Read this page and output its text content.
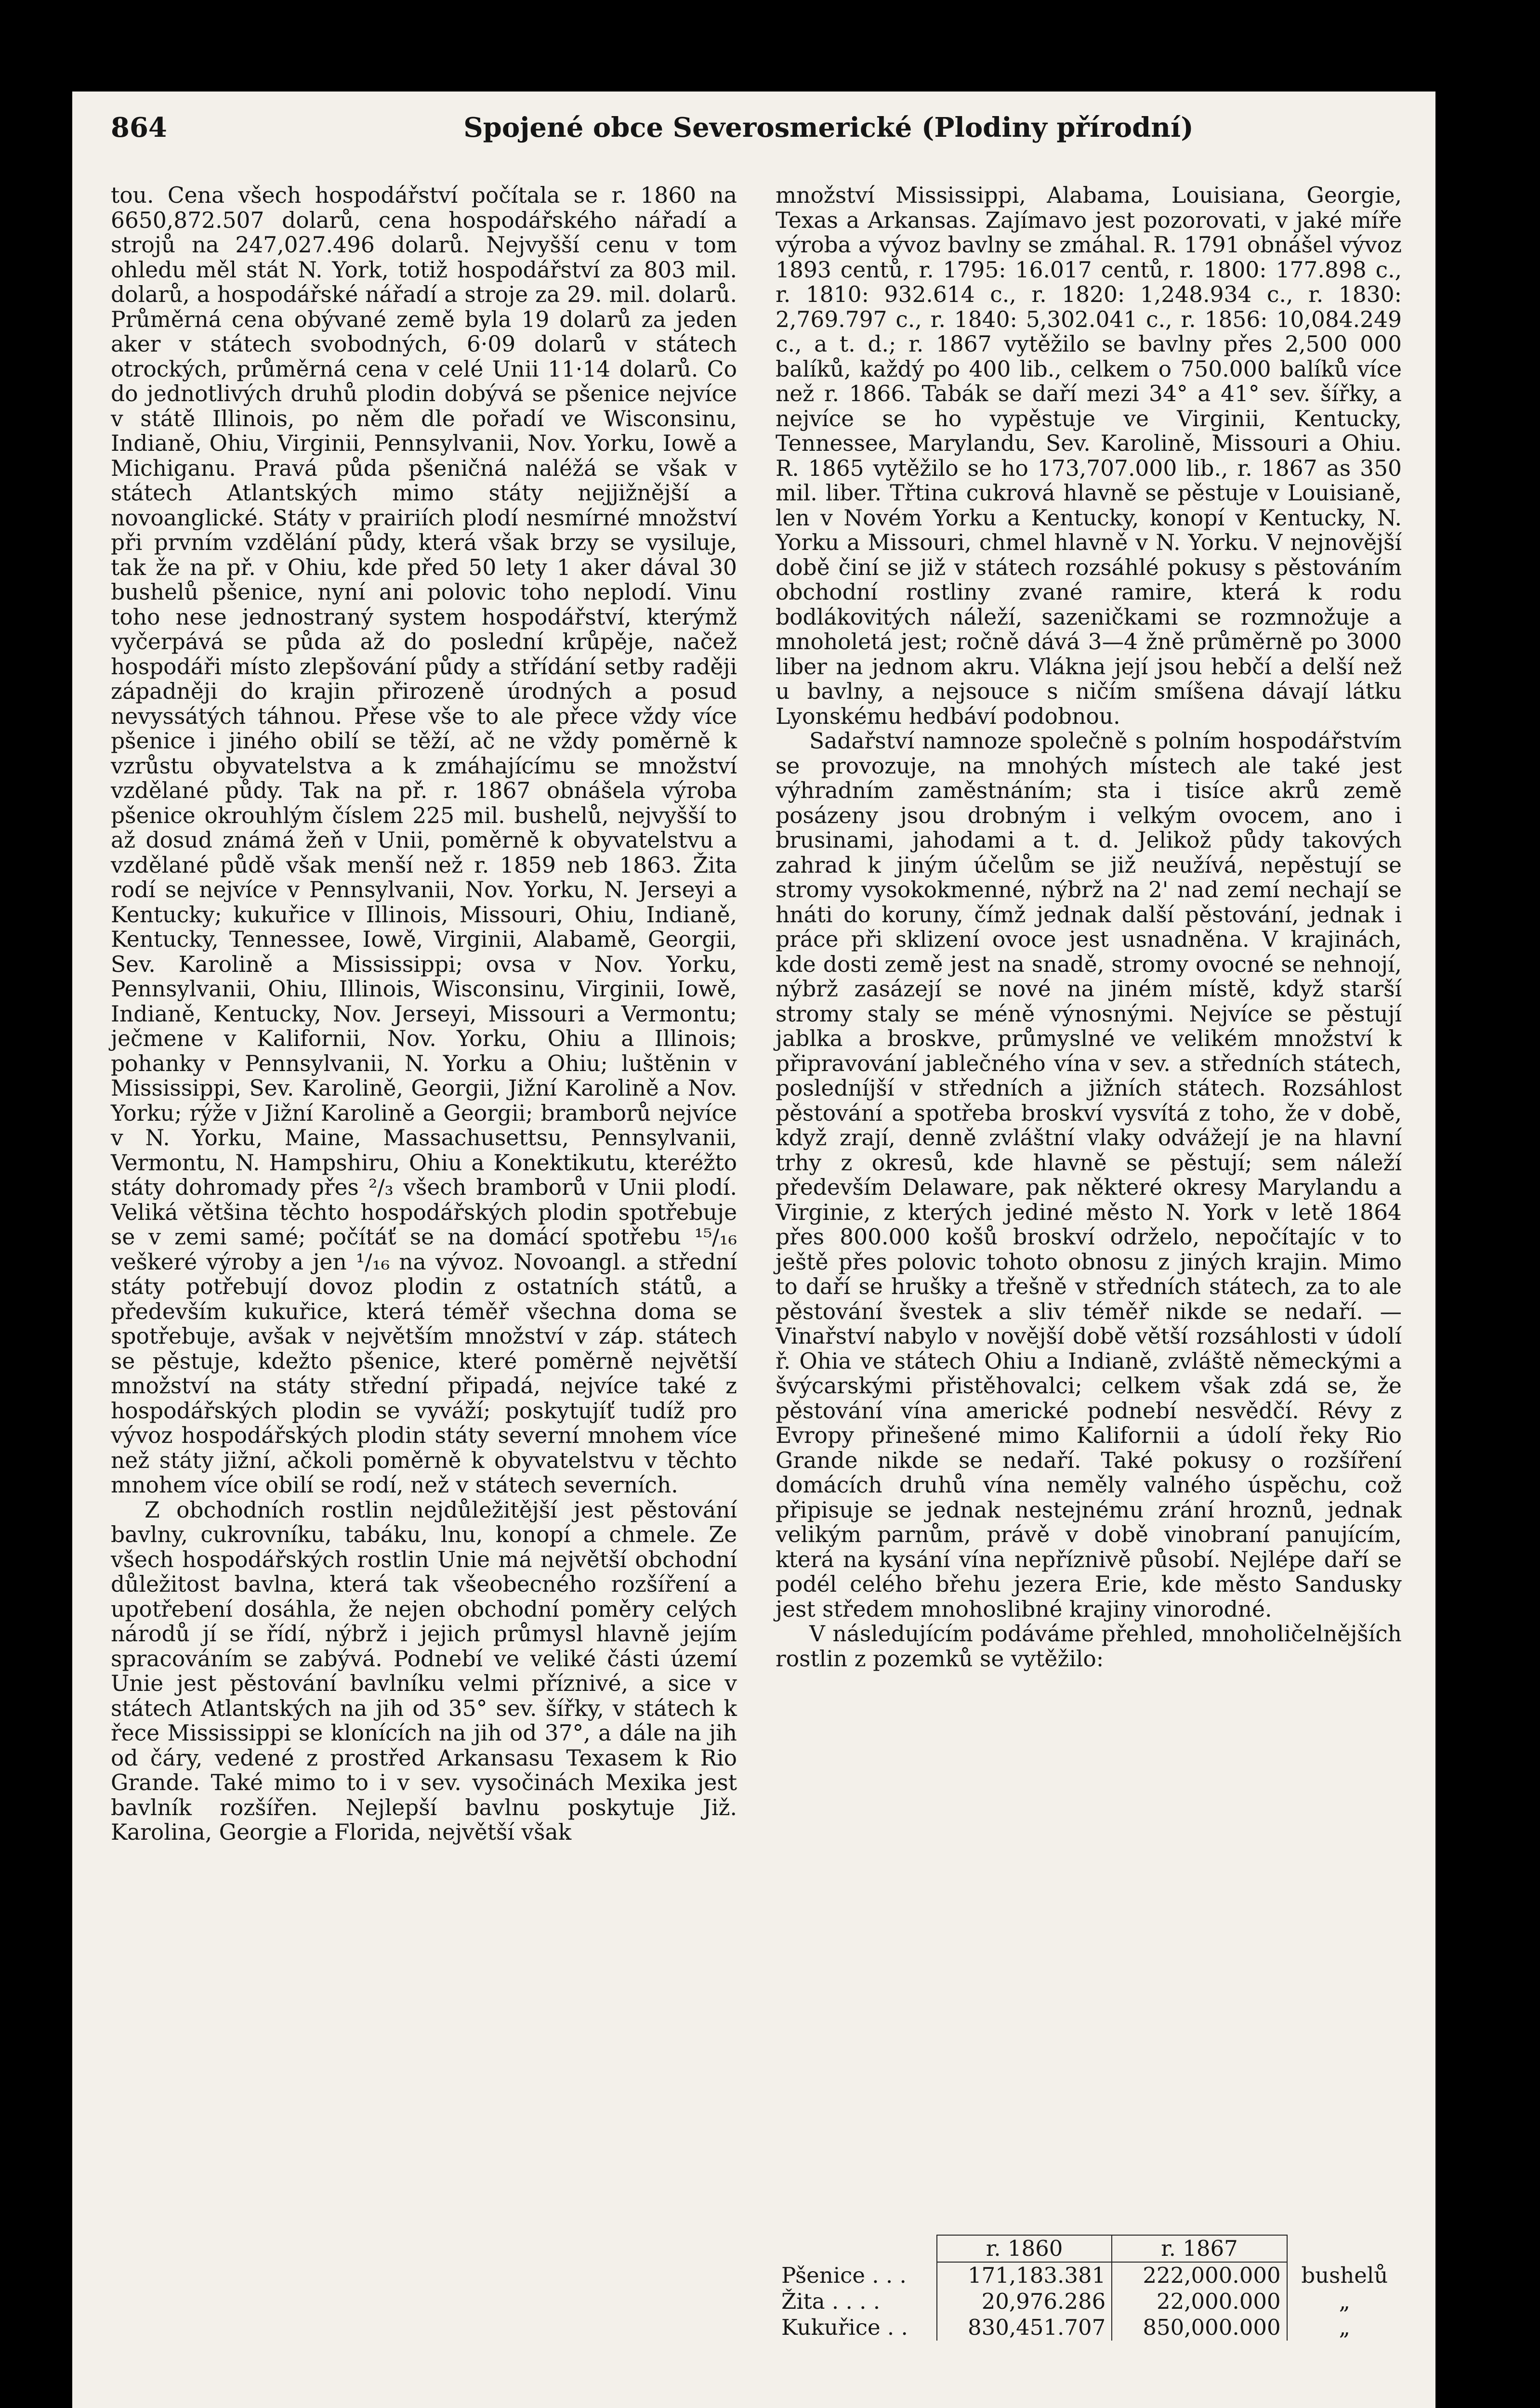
864	Spojené obce Severosmerické (Plodiny přírodní)

tou. Cena všech hospodářství počítala se r. 1860 na 6650,872.507 dolarů, cena hospodářského nářadí a strojů na 247,027.496 dolarů. Nejvyšší cenu v tom ohledu měl stát N. York, totiž hospodářství za 803 mil. dolarů, a hospodářské nářadí a stroje za 29. mil. dolarů. Průměrná cena obývané země byla 19 dolarů za jeden aker v státech svobodných, 6·09 dolarů v státech otrockých, průměrná cena v celé Unii 11·14 dolarů. Co do jednotlivých druhů plodin dobývá se pšenice nejvíce v státě Illinois, po něm dle pořadí ve Wisconsinu, Indianě, Ohiu, Virginii, Pennsylvanii, Nov. Yorku, Iowě a Michiganu. Pravá půda pšeničná naléžá se však v státech Atlantských mimo státy nejjižnější a novoanglické. Státy v prairiích plodí nesmírné množství při prvním vzdělání půdy, která však brzy se vysiluje, tak že na př. v Ohiu, kde před 50 lety 1 aker dával 30 bushelů pšenice, nyní ani polovic toho neplodí. Vinu toho nese jednostraný system hospodářství, kterýmž vyčerpává se půda až do poslední krůpěje, načež hospodáři místo zlepšování půdy a střídání setby raději západněji do krajin přirozeně úrodných a posud nevyssátých táhnou. Přese vše to ale přece vždy více pšenice i jiného obilí se těží, ač ne vždy poměrně k vzrůstu obyvatelstva a k zmáhajícímu se množství vzdělané půdy. Tak na př. r. 1867 obnášela výroba pšenice okrouhlým číslem 225 mil. bushelů, nejvyšší to až dosud známá žeň v Unii, poměrně k obyvatelstvu a vzdělané půdě však menší než r. 1859 neb 1863. Žita rodí se nejvíce v Pennsylvanii, Nov. Yorku, N. Jerseyi a Kentucky; kukuřice v Illinois, Missouri, Ohiu, Indianě, Kentucky, Tennessee, Iowě, Virginii, Alabamě, Georgii, Sev. Karolině a Mississippi; ovsa v Nov. Yorku, Pennsylvanii, Ohiu, Illinois, Wisconsinu, Virginii, Iowě, Indianě, Kentucky, Nov. Jerseyi, Missouri a Vermontu; ječmene v Kalifornii, Nov. Yorku, Ohiu a Illinois; pohanky v Pennsylvanii, N. Yorku a Ohiu; luštěnin v Mississippi, Sev. Karolině, Georgii, Jižní Karolině a Nov. Yorku; rýže v Jižní Karolině a Georgii; bramborů nejvíce v N. Yorku, Maine, Massachusettsu, Pennsylvanii, Vermontu, N. Hampshiru, Ohiu a Konektikutu, kteréžto státy dohromady přes ²/₃ všech bramborů v Unii plodí. Veliká většina těchto hospodářských plodin spotřebuje se v zemi samé; počítáť se na domácí spotřebu ¹⁵/₁₆ veškeré výroby a jen ¹/₁₆ na vývoz. Novoangl. a střední státy potřebují dovoz plodin z ostatních států, a především kukuřice, která téměř všechna doma se spotřebuje, avšak v největším množství v záp. státech se pěstuje, kdežto pšenice, které poměrně největší množství na státy střední připadá, nejvíce také z hospodářských plodin se vyváží; poskytujíť tudíž pro vývoz hospodářských plodin státy severní mnohem více než státy jižní, ačkoli poměrně k obyvatelstvu v těchto mnohem více obilí se rodí, než v státech severních.

Z obchodních rostlin nejdůležitější jest pěstování bavlny, cukrovníku, tabáku, lnu, konopí a chmele. Ze všech hospodářských rostlin Unie má největší obchodní důležitost bavlna, která tak všeobecného rozšíření a upotřebení dosáhla, že nejen obchodní poměry celých národů jí se řídí, nýbrž i jejich průmysl hlavně jejím spracováním se zabývá. Podnebí ve veliké části území Unie jest pěstování bavlníku velmi příznivé, a sice v státech Atlantských na jih od 35° sev. šířky, v státech k řece Mississippi se klonících na jih od 37°, a dále na jih od čáry, vedené z prostřed Arkansasu Texasem k Rio Grande. Také mimo to i v sev. vysočinách Mexika jest bavlník rozšířen. Nejlepší bavlnu poskytuje Již. Karolina, Georgie a Florida, největší však

množství Mississippi, Alabama, Louisiana, Georgie, Texas a Arkansas. Zajímavo jest pozorovati, v jaké míře výroba a vývoz bavlny se zmáhal. R. 1791 obnášel vývoz 1893 centů, r. 1795: 16.017 centů, r. 1800: 177.898 c., r. 1810: 932.614 c., r. 1820: 1,248.934 c., r. 1830: 2,769.797 c., r. 1840: 5,302.041 c., r. 1856: 10,084.249 c., a t. d.; r. 1867 vytěžilo se bavlny přes 2,500 000 balíků, každý po 400 lib., celkem o 750.000 balíků více než r. 1866. Tabák se daří mezi 34° a 41° sev. šířky, a nejvíce se ho vypěstuje ve Virginii, Kentucky, Tennessee, Marylandu, Sev. Karolině, Missouri a Ohiu. R. 1865 vytěžilo se ho 173,707.000 lib., r. 1867 as 350 mil. liber. Třtina cukrová hlavně se pěstuje v Louisianě, len v Novém Yorku a Kentucky, konopí v Kentucky, N. Yorku a Missouri, chmel hlavně v N. Yorku. V nejnovější době činí se již v státech rozsáhlé pokusy s pěstováním obchodní rostliny zvané ramire, která k rodu bodlákovitých náleží, sazeničkami se rozmnožuje a mnoholetá jest; ročně dává 3—4 žně průměrně po 3000 liber na jednom akru. Vlákna její jsou hebčí a delší než u bavlny, a nejsouce s ničím smíšena dávají látku Lyonskému hedbáví podobnou.

Sadařství namnoze společně s polním hospodářstvím se provozuje, na mnohých místech ale také jest výhradním zaměstnáním; sta i tisíce akrů země posázeny jsou drobným i velkým ovocem, ano i brusinami, jahodami a t. d. Jelikož půdy takových zahrad k jiným účelům se již neužívá, nepěstují se stromy vysokokmenné, nýbrž na 2' nad zemí nechají se hnáti do koruny, čímž jednak další pěstování, jednak i práce při sklizení ovoce jest usnadněna. V krajinách, kde dosti země jest na snadě, stromy ovocné se nehnojí, nýbrž zasázejí se nové na jiném místě, když starší stromy staly se méně výnosnými. Nejvíce se pěstují jablka a broskve, průmyslné ve velikém množství k připravování jablečného vína v sev. a středních státech, posledníjší v středních a jižních státech. Rozsáhlost pěstování a spotřeba broskví vysvítá z toho, že v době, když zrají, denně zvláštní vlaky odvážejí je na hlavní trhy z okresů, kde hlavně se pěstují; sem náleží především Delaware, pak některé okresy Marylandu a Virginie, z kterých jediné město N. York v letě 1864 přes 800.000 košů broskví održelo, nepočítajíc v to ještě přes polovic tohoto obnosu z jiných krajin. Mimo to daří se hrušky a třešně v středních státech, za to ale pěstování švestek a sliv téměř nikde se nedaří. — Vinařství nabylo v novější době větší rozsáhlosti v údolí ř. Ohia ve státech Ohiu a Indianě, zvláště německými a švýcarskými přistěhovalci; celkem však zdá se, že pěstování vína americké podnebí nesvědčí. Révy z Evropy přinešené mimo Kalifornii a údolí řeky Rio Grande nikde se nedaří. Také pokusy o rozšíření domácích druhů vína neměly valného úspěchu, což připisuje se jednak nestejnému zrání hroznů, jednak velikým parnům, právě v době vinobraní panujícím, která na kysání vína nepříznivě působí. Nejlépe daří se podél celého břehu jezera Erie, kde město Sandusky jest středem mnohoslibné krajiny vinorodné.

V následujícím podáváme přehled, mnoholičelnějších rostlin z pozemků se vytěžilo:

	r. 1860	r. 1867	
Pšenice . . .	171,183.381	222,000.000	bushelů
Žita . . . .	20,976.286	22,000.000	„
Kukuřice . .	830,451.707	850,000.000	„
